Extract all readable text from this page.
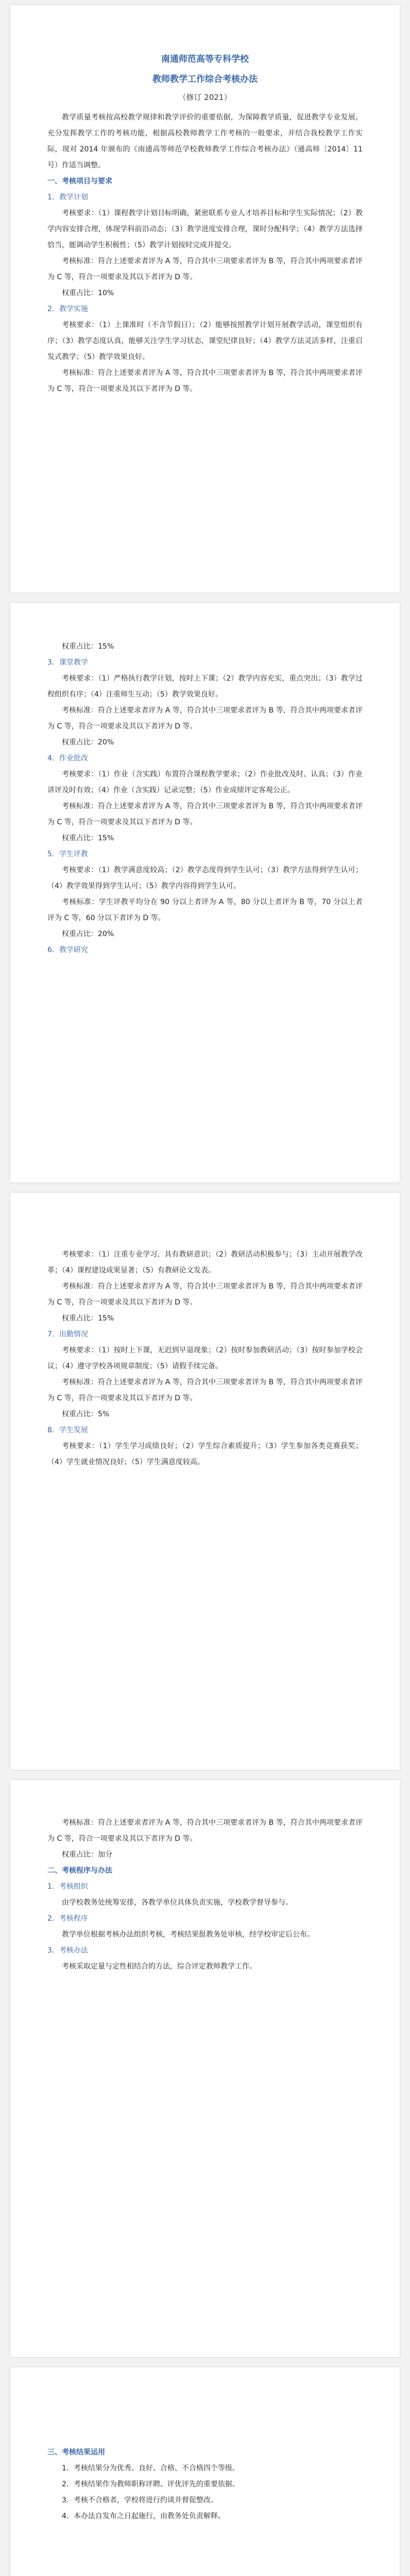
南通师范高等专科学校
教师教学工作综合考核办法
（修订 2021）

教学质量考核按高校教学规律和教学评价的重要依据，为保障教学质量，促进教学专业发展，充分发挥教学工作的考核功能，根据高校教师教学工作考核的一般要求，并结合我校教学工作实际，现对 2014 年颁布的《南通高等师范学校教师教学工作综合考核办法》（通高师〔2014〕11 号）作适当调整。

一、考核项目与要求

1．教学计划

考核要求：（1）课程教学计划目标明确，紧密联系专业人才培养目标和学生实际情况；（2）教学内容安排合理，体现学科前沿动态；（3）教学进度安排合理，课时分配科学；（4）教学方法选择恰当，能调动学生积极性；（5）教学计划按时完成并提交。

考核标准：符合上述要求者评为 A 等，符合其中三项要求者评为 B 等，符合其中两项要求者评为 C 等，符合一项要求及其以下者评为 D 等。

权重占比：10%

2．教学实施

考核要求：（1）上课准时（不含节假日）；（2）能够按照教学计划开展教学活动，课堂组织有序；（3）教学态度认真，能够关注学生学习状态，课堂纪律良好；（4）教学方法灵活多样，注重启发式教学；（5）教学效果良好。

考核标准：符合上述要求者评为 A 等，符合其中三项要求者评为 B 等，符合其中两项要求者评为 C 等，符合一项要求及其以下者评为 D 等。

权重占比：15%

3．课堂教学

考核要求：（1）严格执行教学计划，按时上下课；（2）教学内容充实，重点突出；（3）教学过程组织有序；（4）注重师生互动；（5）教学效果良好。

考核标准：符合上述要求者评为 A 等，符合其中三项要求者评为 B 等，符合其中两项要求者评为 C 等，符合一项要求及其以下者评为 D 等。

权重占比：20%

4．作业批改

考核要求：（1）作业（含实践）布置符合课程教学要求；（2）作业批改及时、认真；（3）作业讲评及时有效；（4）作业（含实践）记录完整；（5）作业成绩评定客观公正。

考核标准：符合上述要求者评为 A 等，符合其中三项要求者评为 B 等，符合其中两项要求者评为 C 等，符合一项要求及其以下者评为 D 等。

权重占比：15%

5．学生评教

考核要求：（1）教学满意度较高；（2）教学态度得到学生认可；（3）教学方法得到学生认可；（4）教学效果得到学生认可；（5）教学内容得到学生认可。

考核标准：学生评教平均分在 90 分以上者评为 A 等，80 分以上者评为 B 等，70 分以上者评为 C 等，60 分以下者评为 D 等。

权重占比：20%

6．教学研究

考核要求：（1）注重专业学习，具有教研意识；（2）教研活动积极参与；（3）主动开展教学改革；（4）课程建设成果显著；（5）有教研论文发表。

考核标准：符合上述要求者评为 A 等，符合其中三项要求者评为 B 等，符合其中两项要求者评为 C 等，符合一项要求及其以下者评为 D 等。

权重占比：15%

7．出勤情况

考核要求：（1）按时上下课，无迟到早退现象；（2）按时参加教研活动；（3）按时参加学校会议；（4）遵守学校各项规章制度；（5）请假手续完备。

考核标准：符合上述要求者评为 A 等，符合其中三项要求者评为 B 等，符合其中两项要求者评为 C 等，符合一项要求及其以下者评为 D 等。

权重占比：5%

8．学生发展

考核要求：（1）学生学习成绩良好；（2）学生综合素质提升；（3）学生参加各类竞赛获奖；（4）学生就业情况良好；（5）学生满意度较高。

考核标准：符合上述要求者评为 A 等，符合其中三项要求者评为 B 等，符合其中两项要求者评为 C 等，符合一项要求及其以下者评为 D 等。

权重占比：加分

二、考核程序与办法

1．考核组织

由学校教务处统筹安排，各教学单位具体负责实施，学校教学督导参与。

2．考核程序

教学单位根据考核办法组织考核，考核结果报教务处审核，经学校审定后公布。

3．考核办法

考核采取定量与定性相结合的方法，综合评定教师教学工作。

三、考核结果运用

1．考核结果分为优秀、良好、合格、不合格四个等级。

2．考核结果作为教师职称评聘、评优评先的重要依据。

3．考核不合格者，学校将进行约谈并督促整改。

4．本办法自发布之日起施行，由教务处负责解释。
